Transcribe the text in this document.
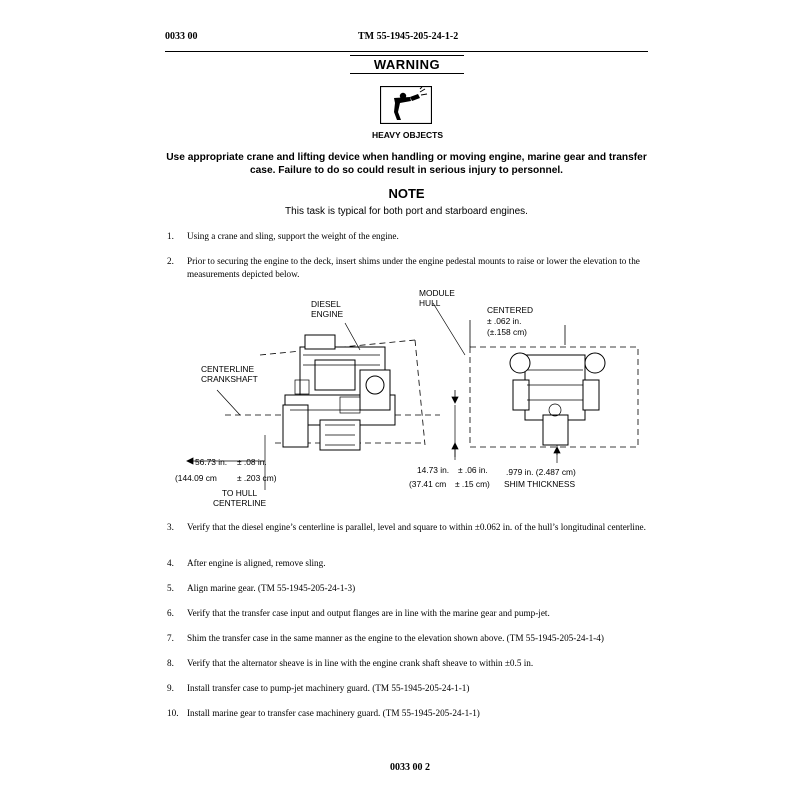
0033 00	TM 55-1945-205-24-1-2
WARNING
HEAVY OBJECTS
Use appropriate crane and lifting device when handling or moving engine, marine gear and transfer case. Failure to do so could result in serious injury to personnel.
NOTE
This task is typical for both port and starboard engines.
1. Using a crane and sling, support the weight of the engine.
2. Prior to securing the engine to the deck, insert shims under the engine pedestal mounts to raise or lower the elevation to the measurements depicted below.
DIESEL
ENGINE
MODULE
HULL
CENTERED
± .062 in.
(±.158 cm)
CENTERLINE
CRANKSHAFT
56.73 in. ± .08 in.
(144.09 cm ± .203 cm)
TO HULL
CENTERLINE
14.73 in. ± .06 in.
(37.41 cm ± .15 cm)
.979 in. (2.487 cm)
SHIM THICKNESS
3. Verify that the diesel engine’s centerline is parallel, level and square to within ±0.062 in. of the hull’s longitudinal centerline.
4. After engine is aligned, remove sling.
5. Align marine gear. (TM 55-1945-205-24-1-3)
6. Verify that the transfer case input and output flanges are in line with the marine gear and pump-jet.
7. Shim the transfer case in the same manner as the engine to the elevation shown above. (TM 55-1945-205-24-1-4)
8. Verify that the alternator sheave is in line with the engine crank shaft sheave to within ±0.5 in.
9. Install transfer case to pump-jet machinery guard. (TM 55-1945-205-24-1-1)
10. Install marine gear to transfer case machinery guard. (TM 55-1945-205-24-1-1)
0033 00 2
